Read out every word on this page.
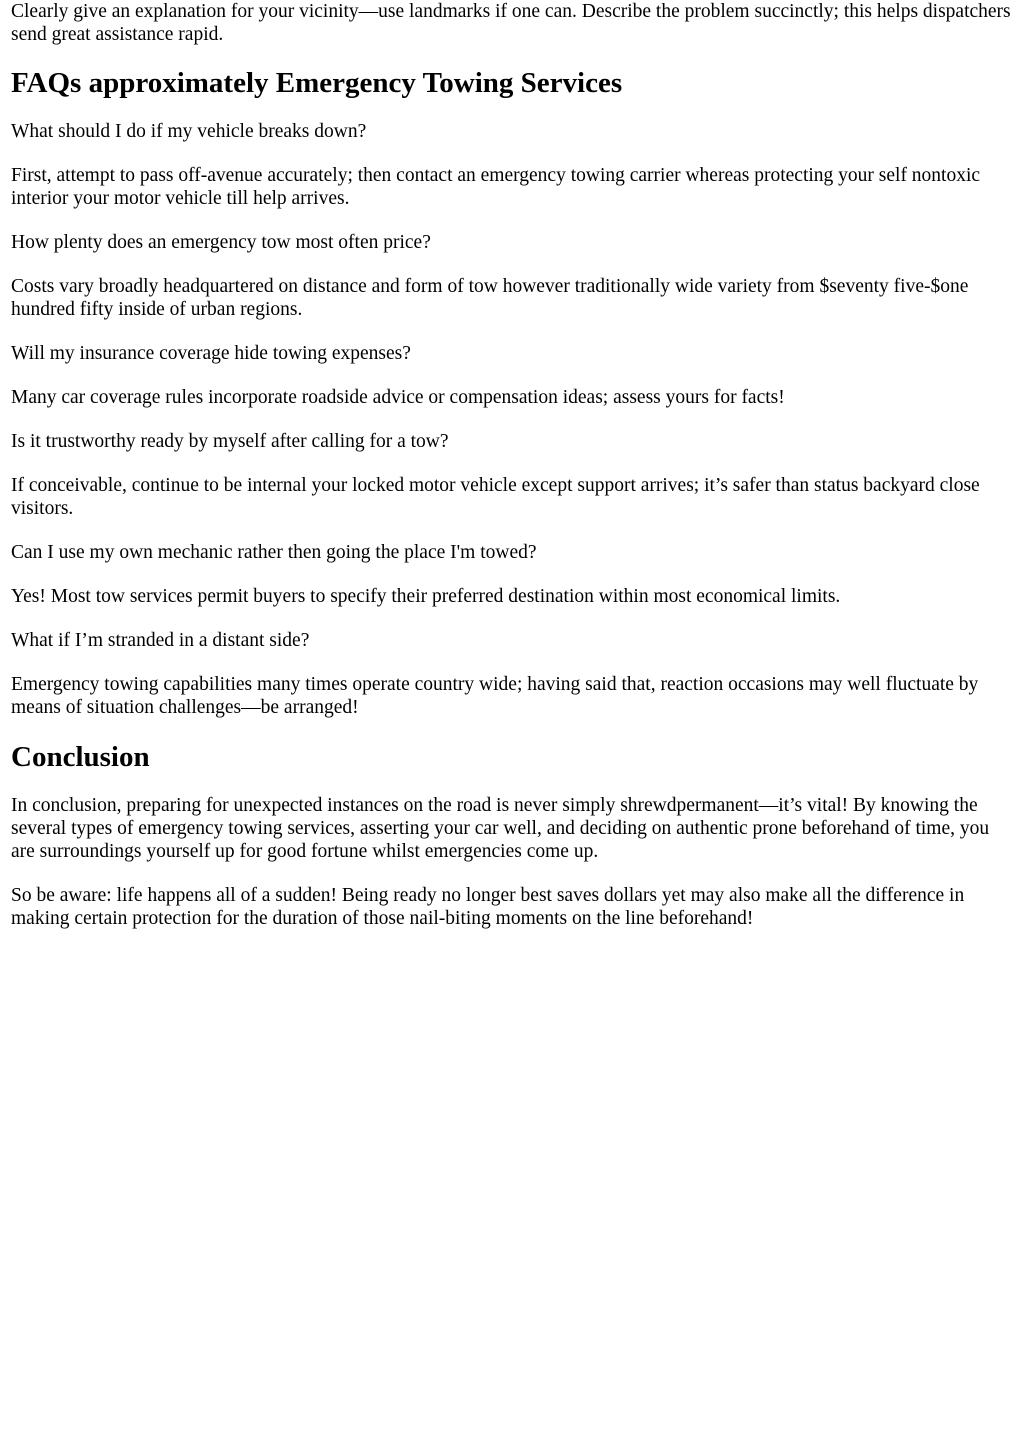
Clearly give an explanation for your vicinity—use landmarks if one can. Describe the problem succinctly; this helps dispatchers send great assistance rapid.

FAQs approximately Emergency Towing Services

What should I do if my vehicle breaks down?

First, attempt to pass off-avenue accurately; then contact an emergency towing carrier whereas protecting your self nontoxic interior your motor vehicle till help arrives.

How plenty does an emergency tow most often price?

Costs vary broadly headquartered on distance and form of tow however traditionally wide variety from $seventy five-$one hundred fifty inside of urban regions.

Will my insurance coverage hide towing expenses?

Many car coverage rules incorporate roadside advice or compensation ideas; assess yours for facts!

Is it trustworthy ready by myself after calling for a tow?

If conceivable, continue to be internal your locked motor vehicle except support arrives; it’s safer than status backyard close visitors.

Can I use my own mechanic rather then going the place I'm towed?

Yes! Most tow services permit buyers to specify their preferred destination within most economical limits.

What if I’m stranded in a distant side?

Emergency towing capabilities many times operate country wide; having said that, reaction occasions may well fluctuate by means of situation challenges—be arranged!

Conclusion

In conclusion, preparing for unexpected instances on the road is never simply shrewdpermanent—it’s vital! By knowing the several types of emergency towing services, asserting your car well, and deciding on authentic prone beforehand of time, you are surroundings yourself up for good fortune whilst emergencies come up.

So be aware: life happens all of a sudden! Being ready no longer best saves dollars yet may also make all the difference in making certain protection for the duration of those nail-biting moments on the line beforehand!
